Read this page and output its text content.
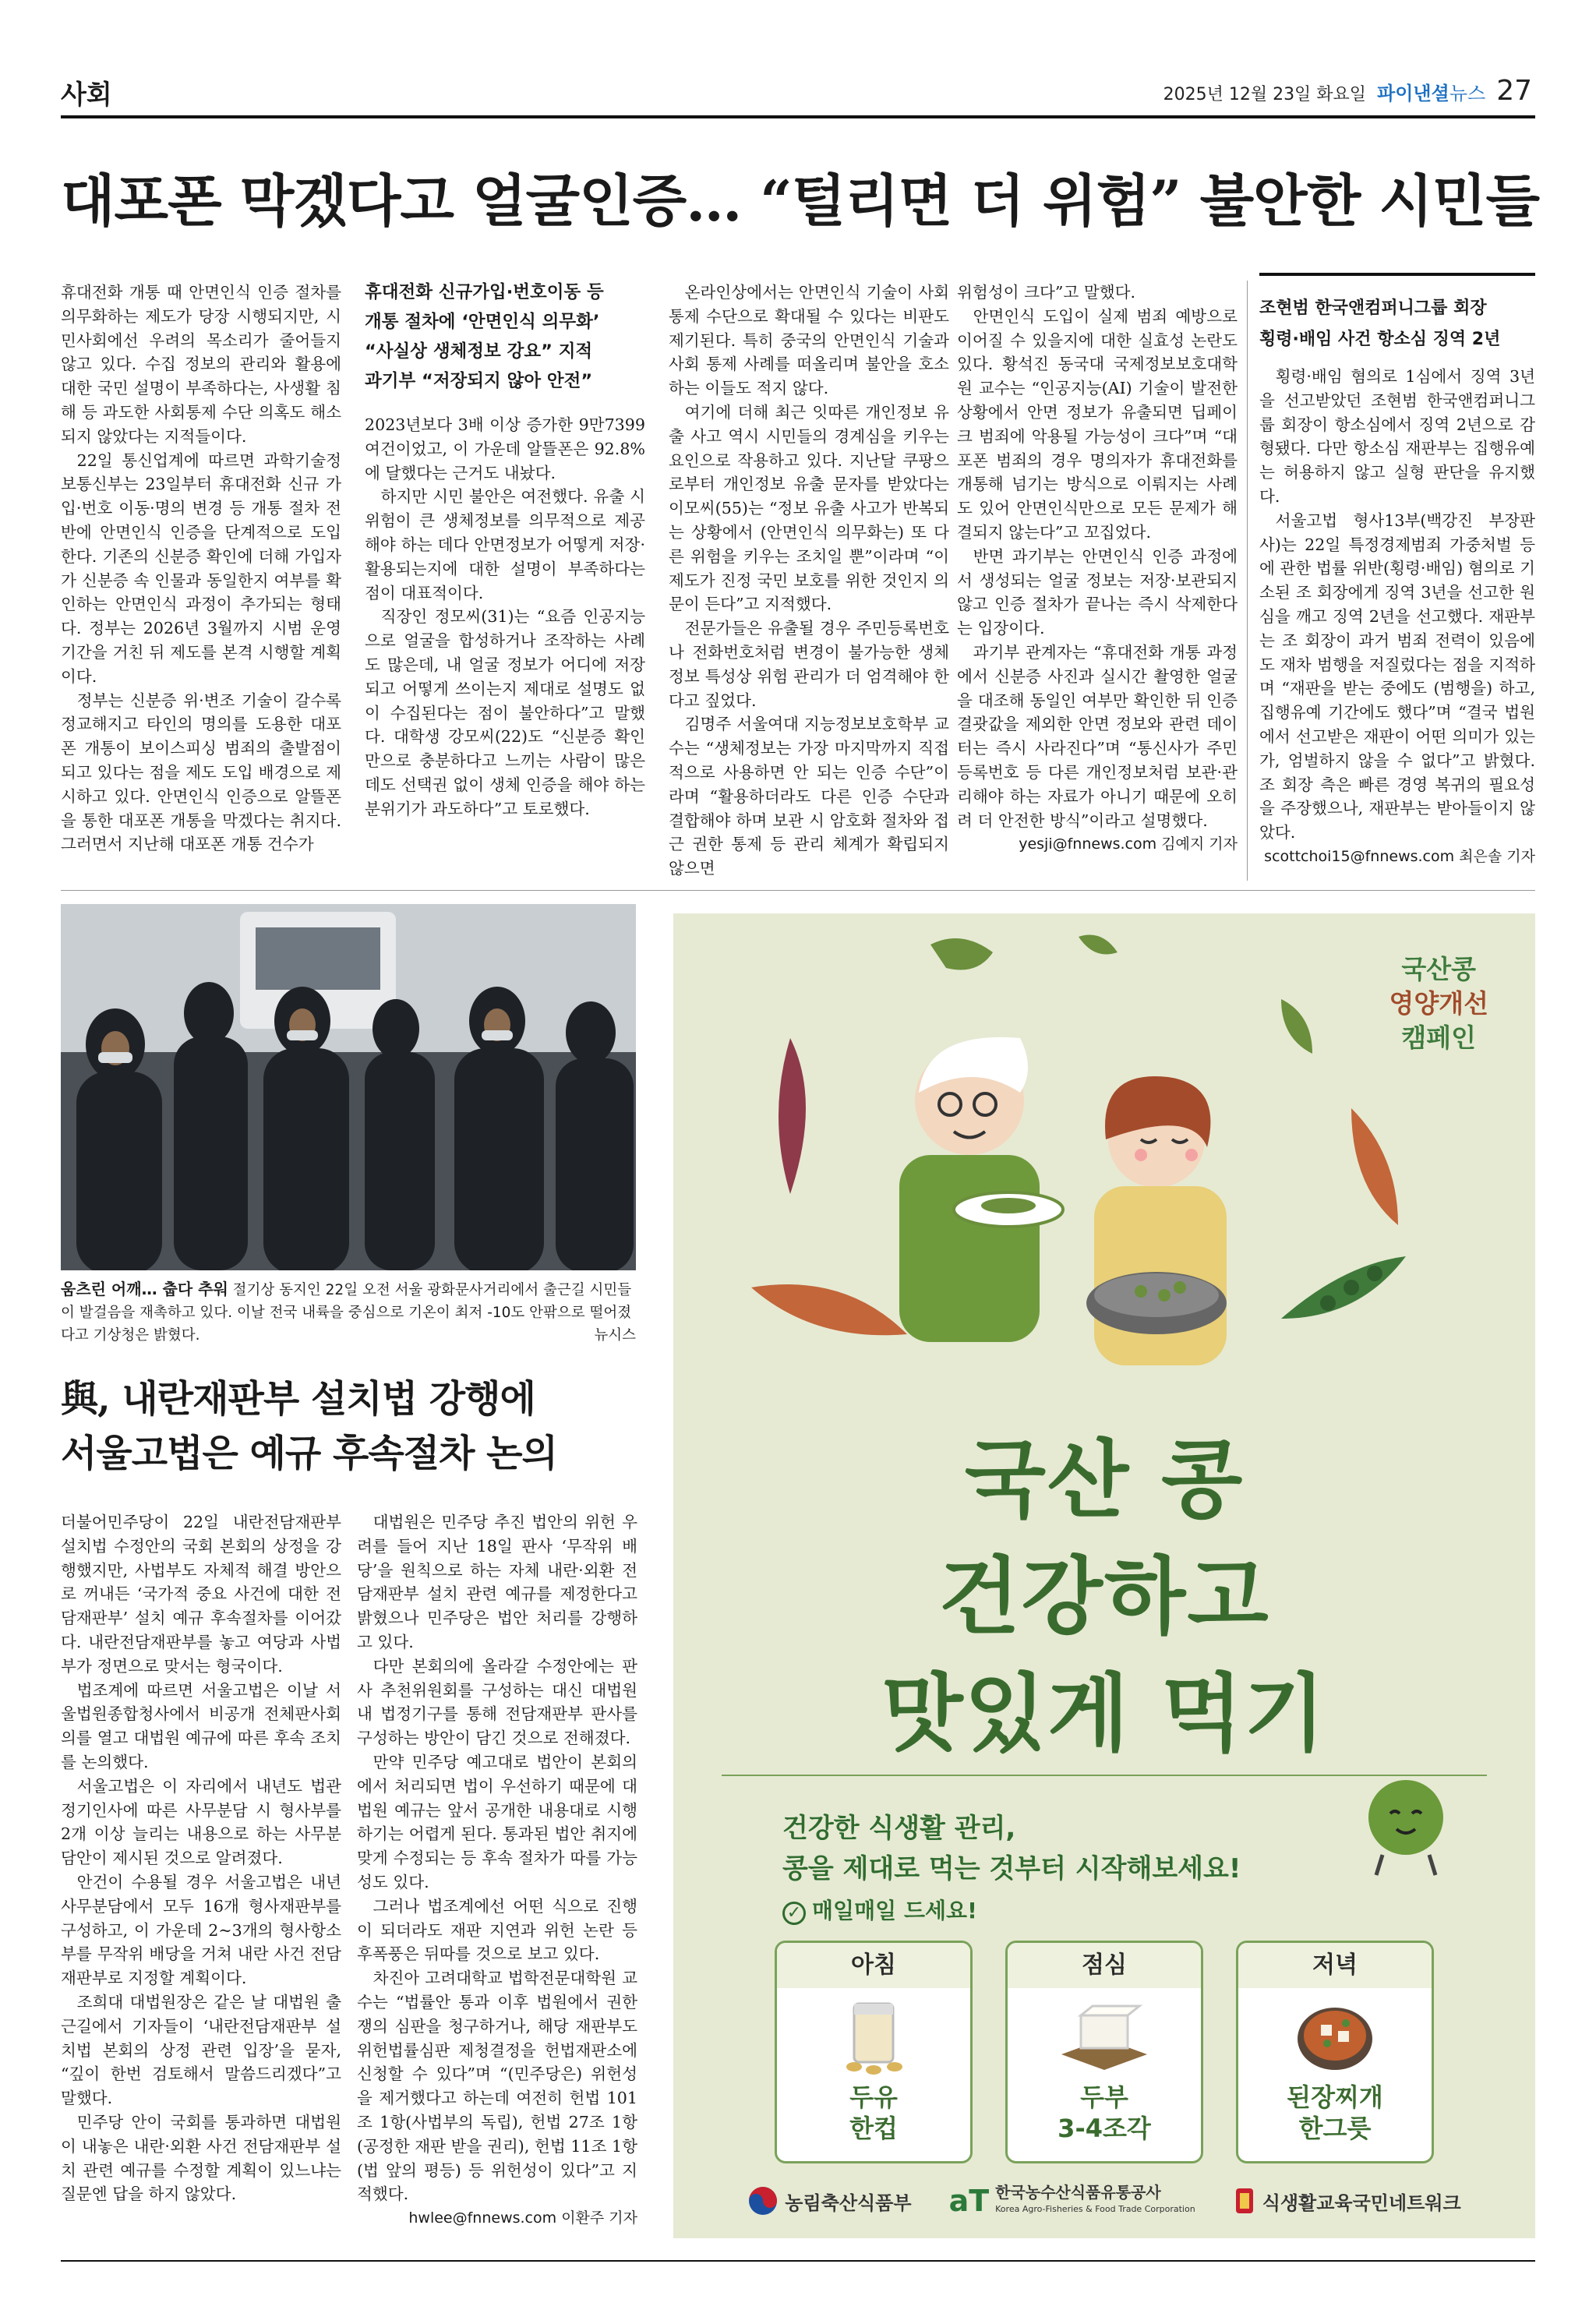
사회	2025년 12월 23일 화요일 파이낸셜뉴스 27
대포폰 막겠다고 얼굴인증… “털리면 더 위험” 불안한 시민들

휴대전화 개통 때 안면인식 인증 절차를 의무화하는 제도가 당장 시행되지만, 시민사회에선 우려의 목소리가 줄어들지 않고 있다. 수집 정보의 관리와 활용에 대한 국민 설명이 부족하다는, 사생활 침해 등 과도한 사회통제 수단 의혹도 해소되지 않았다는 지적들이다.

22일 통신업계에 따르면 과학기술정보통신부는 23일부터 휴대전화 신규 가입·번호 이동·명의 변경 등 개통 절차 전반에 안면인식 인증을 단계적으로 도입한다. 기존의 신분증 확인에 더해 가입자가 신분증 속 인물과 동일한지 여부를 확인하는 안면인식 과정이 추가되는 형태다. 정부는 2026년 3월까지 시범 운영 기간을 거친 뒤 제도를 본격 시행할 계획이다.

정부는 신분증 위·변조 기술이 갈수록 정교해지고 타인의 명의를 도용한 대포폰 개통이 보이스피싱 범죄의 출발점이 되고 있다는 점을 제도 도입 배경으로 제시하고 있다. 안면인식 인증으로 알뜰폰을 통한 대포폰 개통을 막겠다는 취지다. 그러면서 지난해 대포폰 개통 건수가

휴대전화 신규가입·번호이동 등
개통 절차에 ‘안면인식 의무화’
“사실상 생체정보 강요” 지적
과기부 “저장되지 않아 안전”

2023년보다 3배 이상 증가한 9만7399여건이었고, 이 가운데 알뜰폰은 92.8%에 달했다는 근거도 내놨다.

하지만 시민 불안은 여전했다. 유출 시 위험이 큰 생체정보를 의무적으로 제공해야 하는 데다 안면정보가 어떻게 저장·활용되는지에 대한 설명이 부족하다는 점이 대표적이다.

직장인 정모씨(31)는 “요즘 인공지능으로 얼굴을 합성하거나 조작하는 사례도 많은데, 내 얼굴 정보가 어디에 저장되고 어떻게 쓰이는지 제대로 설명도 없이 수집된다는 점이 불안하다”고 말했다. 대학생 강모씨(22)도 “신분증 확인만으로 충분하다고 느끼는 사람이 많은데도 선택권 없이 생체 인증을 해야 하는 분위기가 과도하다”고 토로했다.

온라인상에서는 안면인식 기술이 사회통제 수단으로 확대될 수 있다는 비판도 제기된다. 특히 중국의 안면인식 기술과 사회 통제 사례를 떠올리며 불안을 호소하는 이들도 적지 않다.

여기에 더해 최근 잇따른 개인정보 유출 사고 역시 시민들의 경계심을 키우는 요인으로 작용하고 있다. 지난달 쿠팡으로부터 개인정보 유출 문자를 받았다는 이모씨(55)는 “정보 유출 사고가 반복되는 상황에서 (안면인식 의무화는) 또 다른 위험을 키우는 조치일 뿐”이라며 “이 제도가 진정 국민 보호를 위한 것인지 의문이 든다”고 지적했다.

전문가들은 유출될 경우 주민등록번호나 전화번호처럼 변경이 불가능한 생체정보 특성상 위험 관리가 더 엄격해야 한다고 짚었다.

김명주 서울여대 지능정보보호학부 교수는 “생체정보는 가장 마지막까지 직접적으로 사용하면 안 되는 인증 수단”이라며 “활용하더라도 다른 인증 수단과 결합해야 하며 보관 시 암호화 절차와 접근 권한 통제 등 관리 체계가 확립되지 않으면

위험성이 크다”고 말했다.

안면인식 도입이 실제 범죄 예방으로 이어질 수 있을지에 대한 실효성 논란도 있다. 황석진 동국대 국제정보보호대학원 교수는 “인공지능(AI) 기술이 발전한 상황에서 안면 정보가 유출되면 딥페이크 범죄에 악용될 가능성이 크다”며 “대포폰 범죄의 경우 명의자가 휴대전화를 개통해 넘기는 방식으로 이뤄지는 사례도 있어 안면인식만으로 모든 문제가 해결되지 않는다”고 꼬집었다.

반면 과기부는 안면인식 인증 과정에서 생성되는 얼굴 정보는 저장·보관되지 않고 인증 절차가 끝나는 즉시 삭제한다는 입장이다.

과기부 관계자는 “휴대전화 개통 과정에서 신분증 사진과 실시간 촬영한 얼굴을 대조해 동일인 여부만 확인한 뒤 인증 결괏값을 제외한 안면 정보와 관련 데이터는 즉시 사라진다”며 “통신사가 주민등록번호 등 다른 개인정보처럼 보관·관리해야 하는 자료가 아니기 때문에 오히려 더 안전한 방식”이라고 설명했다.

yesji@fnnews.com 김예지 기자
조현범 한국앤컴퍼니그룹 회장
횡령·배임 사건 항소심 징역 2년

횡령·배임 혐의로 1심에서 징역 3년을 선고받았던 조현범 한국앤컴퍼니그룹 회장이 항소심에서 징역 2년으로 감형됐다. 다만 항소심 재판부는 집행유예는 허용하지 않고 실형 판단을 유지했다.

서울고법 형사13부(백강진 부장판사)는 22일 특정경제범죄 가중처벌 등에 관한 법률 위반(횡령·배임) 혐의로 기소된 조 회장에게 징역 3년을 선고한 원심을 깨고 징역 2년을 선고했다. 재판부는 조 회장이 과거 범죄 전력이 있음에도 재차 범행을 저질렀다는 점을 지적하며 “재판을 받는 중에도 (범행을) 하고, 집행유예 기간에도 했다”며 “결국 법원에서 선고받은 재판이 어떤 의미가 있는가, 엄벌하지 않을 수 없다”고 밝혔다. 조 회장 측은 빠른 경영 복귀의 필요성을 주장했으나, 재판부는 받아들이지 않았다.

scottchoi15@fnnews.com 최은솔 기자
움츠린 어깨… 춥다 추워 절기상 동지인 22일 오전 서울 광화문사거리에서 출근길 시민들이 발걸음을 재촉하고 있다. 이날 전국 내륙을 중심으로 기온이 최저 -10도 안팎으로 떨어졌다고 기상청은 밝혔다.	뉴시스
與, 내란재판부 설치법 강행에
서울고법은 예규 후속절차 논의

더불어민주당이 22일 내란전담재판부 설치법 수정안의 국회 본회의 상정을 강행했지만, 사법부도 자체적 해결 방안으로 꺼내든 ‘국가적 중요 사건에 대한 전담재판부’ 설치 예규 후속절차를 이어갔다. 내란전담재판부를 놓고 여당과 사법부가 정면으로 맞서는 형국이다.

법조계에 따르면 서울고법은 이날 서울법원종합청사에서 비공개 전체판사회의를 열고 대법원 예규에 따른 후속 조치를 논의했다.

서울고법은 이 자리에서 내년도 법관 정기인사에 따른 사무분담 시 형사부를 2개 이상 늘리는 내용으로 하는 사무분담안이 제시된 것으로 알려졌다.

안건이 수용될 경우 서울고법은 내년 사무분담에서 모두 16개 형사재판부를 구성하고, 이 가운데 2~3개의 형사항소부를 무작위 배당을 거쳐 내란 사건 전담재판부로 지정할 계획이다.

조희대 대법원장은 같은 날 대법원 출근길에서 기자들이 ‘내란전담재판부 설치법 본회의 상정 관련 입장’을 묻자, “깊이 한번 검토해서 말씀드리겠다”고 말했다.

민주당 안이 국회를 통과하면 대법원이 내놓은 내란·외환 사건 전담재판부 설치 관련 예규를 수정할 계획이 있느냐는 질문엔 답을 하지 않았다.

대법원은 민주당 추진 법안의 위헌 우려를 들어 지난 18일 판사 ‘무작위 배당’을 원칙으로 하는 자체 내란·외환 전담재판부 설치 관련 예규를 제정한다고 밝혔으나 민주당은 법안 처리를 강행하고 있다.

다만 본회의에 올라갈 수정안에는 판사 추천위원회를 구성하는 대신 대법원 내 법정기구를 통해 전담재판부 판사를 구성하는 방안이 담긴 것으로 전해졌다.

만약 민주당 예고대로 법안이 본회의에서 처리되면 법이 우선하기 때문에 대법원 예규는 앞서 공개한 내용대로 시행하기는 어렵게 된다. 통과된 법안 취지에 맞게 수정되는 등 후속 절차가 따를 가능성도 있다.

그러나 법조계에선 어떤 식으로 진행이 되더라도 재판 지연과 위헌 논란 등 후폭풍은 뒤따를 것으로 보고 있다.

차진아 고려대학교 법학전문대학원 교수는 “법률안 통과 이후 법원에서 권한쟁의 심판을 청구하거나, 해당 재판부도 위헌법률심판 제청결정을 헌법재판소에 신청할 수 있다”며 “(민주당은) 위헌성을 제거했다고 하는데 여전히 헌법 101조 1항(사법부의 독립), 헌법 27조 1항(공정한 재판 받을 권리), 헌법 11조 1항(법 앞의 평등) 등 위헌성이 있다”고 지적했다.

hwlee@fnnews.com 이환주 기자
국산콩
영양개선
캠페인
국산 콩
건강하고
맛있게 먹기
건강한 식생활 관리,
콩을 제대로 먹는 것부터 시작해보세요!
✓ 매일매일 드세요!
아침
두유
한컵
점심
두부
3-4조각
저녁
된장찌개
한그릇
농림축산식품부 aT 한국농수산식품유통공사
Korea Agro-Fisheries & Food Trade Corporation	식생활교육국민네트워크
